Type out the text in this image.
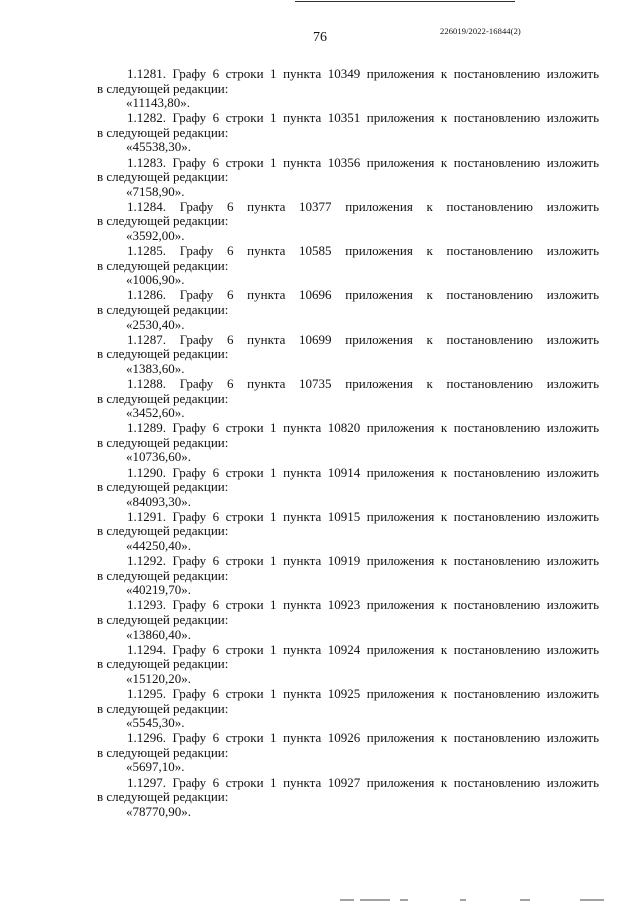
76	226019/2022-16844(2)
1.1281. Графу 6 строки 1 пункта 10349 приложения к постановлению изложить
в следующей редакции:
«11143,80».
1.1282. Графу 6 строки 1 пункта 10351 приложения к постановлению изложить
в следующей редакции:
«45538,30».
1.1283. Графу 6 строки 1 пункта 10356 приложения к постановлению изложить
в следующей редакции:
«7158,90».
1.1284. Графу 6 пункта 10377 приложения к постановлению изложить
в следующей редакции:
«3592,00».
1.1285. Графу 6 пункта 10585 приложения к постановлению изложить
в следующей редакции:
«1006,90».
1.1286. Графу 6 пункта 10696 приложения к постановлению изложить
в следующей редакции:
«2530,40».
1.1287. Графу 6 пункта 10699 приложения к постановлению изложить
в следующей редакции:
«1383,60».
1.1288. Графу 6 пункта 10735 приложения к постановлению изложить
в следующей редакции:
«3452,60».
1.1289. Графу 6 строки 1 пункта 10820 приложения к постановлению изложить
в следующей редакции:
«10736,60».
1.1290. Графу 6 строки 1 пункта 10914 приложения к постановлению изложить
в следующей редакции:
«84093,30».
1.1291. Графу 6 строки 1 пункта 10915 приложения к постановлению изложить
в следующей редакции:
«44250,40».
1.1292. Графу 6 строки 1 пункта 10919 приложения к постановлению изложить
в следующей редакции:
«40219,70».
1.1293. Графу 6 строки 1 пункта 10923 приложения к постановлению изложить
в следующей редакции:
«13860,40».
1.1294. Графу 6 строки 1 пункта 10924 приложения к постановлению изложить
в следующей редакции:
«15120,20».
1.1295. Графу 6 строки 1 пункта 10925 приложения к постановлению изложить
в следующей редакции:
«5545,30».
1.1296. Графу 6 строки 1 пункта 10926 приложения к постановлению изложить
в следующей редакции:
«5697,10».
1.1297. Графу 6 строки 1 пункта 10927 приложения к постановлению изложить
в следующей редакции:
«78770,90».
